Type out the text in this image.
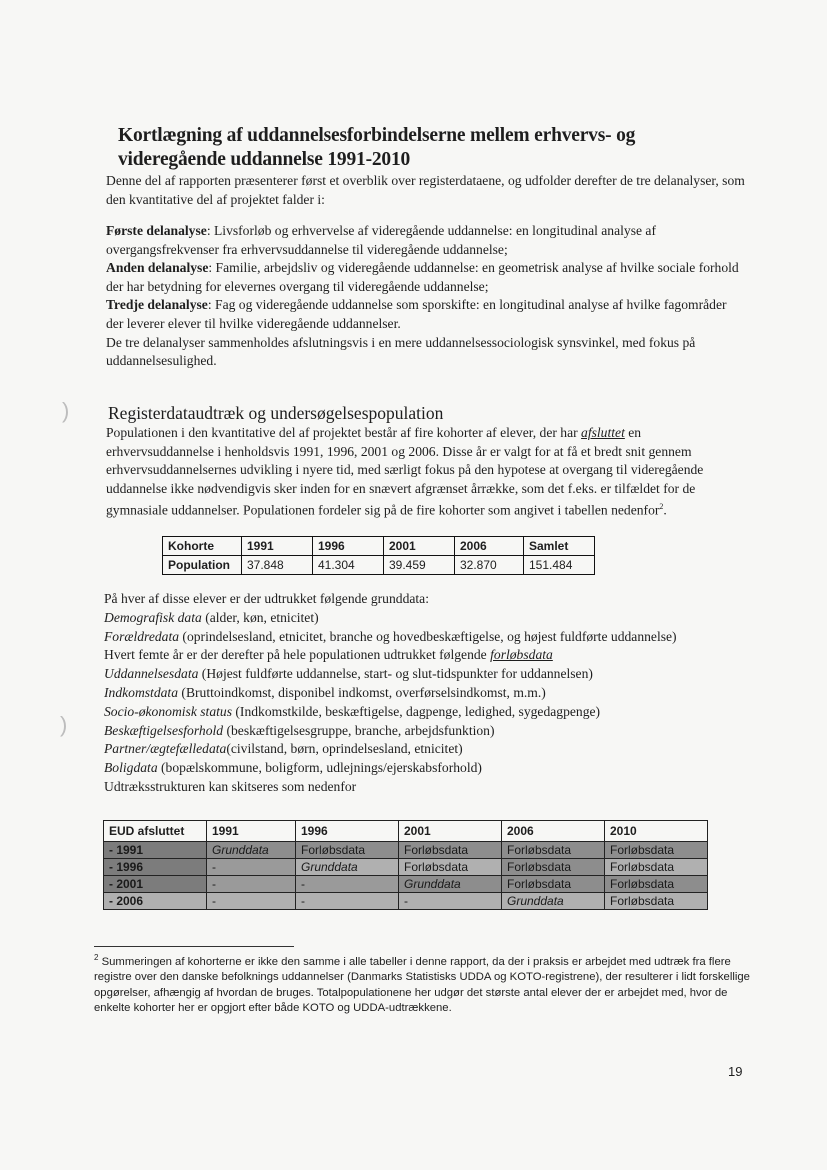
)
)
Kortlægning af uddannelsesforbindelserne mellem erhvervs- og videregående uddannelse 1991-2010
Denne del af rapporten præsenterer først et overblik over registerdataene, og udfolder derefter de tre delanalyser, som den kvantitative del af projektet falder i:
Første delanalyse: Livsforløb og erhvervelse af videregående uddannelse: en longitudinal analyse af overgangsfrekvenser fra erhvervsuddannelse til videregående uddannelse;
Anden delanalyse: Familie, arbejdsliv og videregående uddannelse: en geometrisk analyse af hvilke sociale forhold der har betydning for elevernes overgang til videregående uddannelse;
Tredje delanalyse: Fag og videregående uddannelse som sporskifte: en longitudinal analyse af hvilke fagområder der leverer elever til hvilke videregående uddannelser.
De tre delanalyser sammenholdes afslutningsvis i en mere uddannelsessociologisk synsvinkel, med fokus på uddannelsesulighed.
Registerdataudtræk og undersøgelsespopulation
Populationen i den kvantitative del af projektet består af fire kohorter af elever, der har afsluttet en erhvervsuddannelse i henholdsvis 1991, 1996, 2001 og 2006. Disse år er valgt for at få et bredt snit gennem erhvervsuddannelsernes udvikling i nyere tid, med særligt fokus på den hypotese at overgang til videregående uddannelse ikke nødvendigvis sker inden for en snævert afgrænset årrække, som det f.eks. er tilfældet for de gymnasiale uddannelser. Populationen fordeler sig på de fire kohorter som angivet i tabellen nedenfor$^2$.
Kohorte	1991	1996	2001	2006	Samlet
Population	37.848	41.304	39.459	32.870	151.484
På hver af disse elever er der udtrukket følgende grunddata:
Demografisk data (alder, køn, etnicitet)
Forældredata (oprindelsesland, etnicitet, branche og hovedbeskæftigelse, og højest fuldførte uddannelse)
Hvert femte år er der derefter på hele populationen udtrukket følgende forløbsdata
Uddannelsesdata (Højest fuldførte uddannelse, start- og slut-tidspunkter for uddannelsen)
Indkomstdata (Bruttoindkomst, disponibel indkomst, overførselsindkomst, m.m.)
Socio-økonomisk status (Indkomstkilde, beskæftigelse, dagpenge, ledighed, sygedagpenge)
Beskæftigelsesforhold (beskæftigelsesgruppe, branche, arbejdsfunktion)
Partner/ægtefælledata(civilstand, børn, oprindelsesland, etnicitet)
Boligdata (bopælskommune, boligform, udlejnings/ejerskabsforhold)
Udtræksstrukturen kan skitseres som nedenfor
EUD afsluttet	1991	1996	2001	2006	2010
- 1991	Grunddata	Forløbsdata	Forløbsdata	Forløbsdata	Forløbsdata
- 1996	-	Grunddata	Forløbsdata	Forløbsdata	Forløbsdata
- 2001	-	-	Grunddata	Forløbsdata	Forløbsdata
- 2006	-	-	-	Grunddata	Forløbsdata
$^2$ Summeringen af kohorterne er ikke den samme i alle tabeller i denne rapport, da der i praksis er arbejdet med udtræk fra flere registre over den danske befolknings uddannelser (Danmarks Statistisks UDDA og KOTO-registrene), der resulterer i lidt forskellige opgørelser, afhængig af hvordan de bruges. Totalpopulationene her udgør det største antal elever der er arbejdet med, hvor de enkelte kohorter her er opgjort efter både KOTO og UDDA-udtrækkene.
19
